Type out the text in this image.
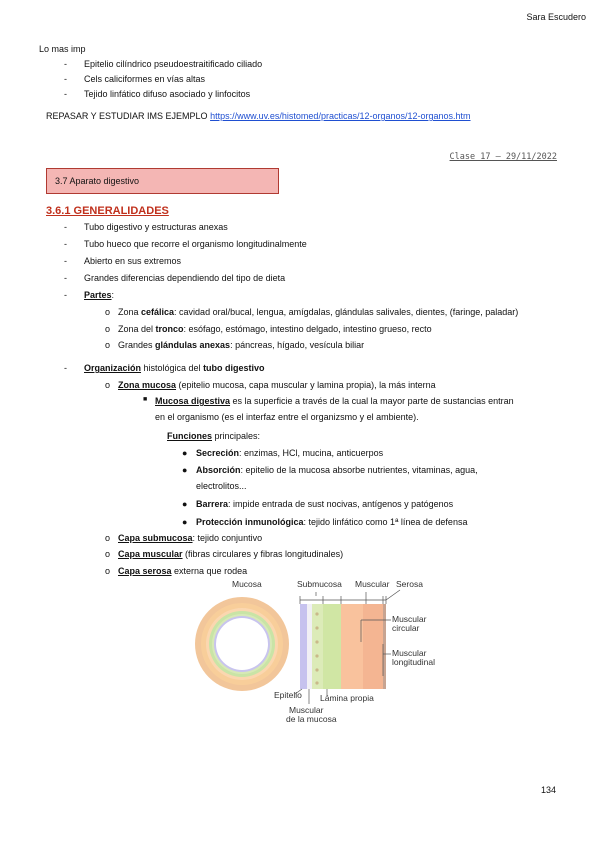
Sara Escudero
Lo mas imp
- Epitelio cilíndrico pseudoestraitificado ciliado
- Cels caliciformes en vías altas
- Tejido linfático difuso asociado y linfocitos
REPASAR Y ESTUDIAR IMS EJEMPLO https://www.uv.es/histomed/practicas/12-organos/12-organos.htm
Clase 17 – 29/11/2022
3.7 Aparato digestivo
3.6.1 GENERALIDADES
- Tubo digestivo y estructuras anexas
- Tubo hueco que recorre el organismo longitudinalmente
- Abierto en sus extremos
- Grandes diferencias dependiendo del tipo de dieta
- Partes:
o Zona cefálica: cavidad oral/bucal, lengua, amígdalas, glándulas salivales, dientes, (faringe, paladar)
o Zona del tronco: esófago, estómago, intestino delgado, intestino grueso, recto
o Grandes glándulas anexas: páncreas, hígado, vesícula biliar
- Organización histológica del tubo digestivo
o Zona mucosa (epitelio mucosa, capa muscular y lamina propia), la más interna
■ Mucosa digestiva es la superficie a través de la cual la mayor parte de sustancias entran
en el organismo (es el interfaz entre el organizsmo y el ambiente).
Funciones principales:
● Secreción: enzimas, HCl, mucina, anticuerpos
● Absorción: epitelio de la mucosa absorbe nutrientes, vitaminas, agua,
electrolitos...
● Barrera: impide entrada de sust nocivas, antígenos y patógenos
● Protección inmunológica: tejido linfático como 1ª línea de defensa
o Capa submucosa: tejido conjuntivo
o Capa muscular (fibras circulares y fibras longitudinales)
o Capa serosa externa que rodea
Mucosa	Submucosa Muscular Serosa
Muscular
circular
Muscular
longitudinal
Epitelio Lámina propia
Muscular
de la mucosa
134
